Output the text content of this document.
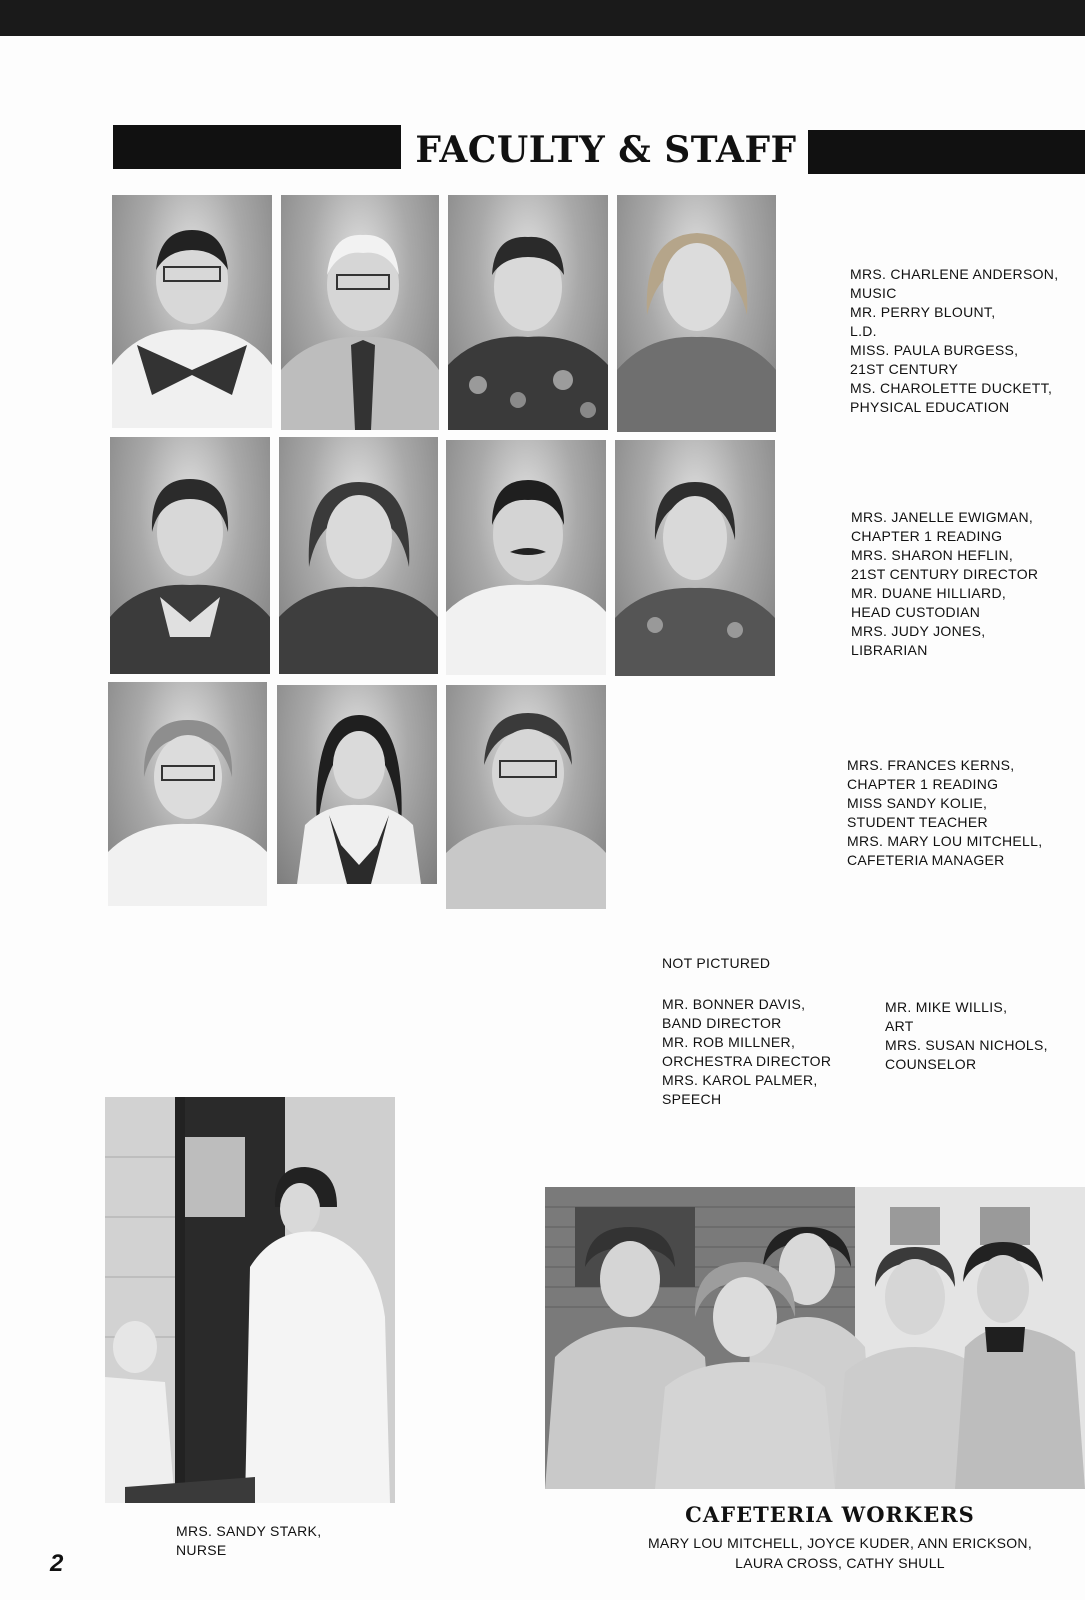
FACULTY & STAFF
MRS. CHARLENE ANDERSON,
MUSIC
MR. PERRY BLOUNT,
L.D.
MISS. PAULA BURGESS,
21ST CENTURY
MS. CHAROLETTE DUCKETT,
PHYSICAL EDUCATION
MRS. JANELLE EWIGMAN,
CHAPTER 1 READING
MRS. SHARON HEFLIN,
21ST CENTURY DIRECTOR
MR. DUANE HILLIARD,
HEAD CUSTODIAN
MRS. JUDY JONES,
LIBRARIAN
MRS. FRANCES KERNS,
CHAPTER 1 READING
MISS SANDY KOLIE,
STUDENT TEACHER
MRS. MARY LOU MITCHELL,
CAFETERIA MANAGER
NOT PICTURED
MR. BONNER DAVIS,
BAND DIRECTOR
MR. ROB MILLNER,
ORCHESTRA DIRECTOR
MRS. KAROL PALMER,
SPEECH
MR. MIKE WILLIS,
ART
MRS. SUSAN NICHOLS,
COUNSELOR
MRS. SANDY STARK,
NURSE
CAFETERIA WORKERS
MARY LOU MITCHELL, JOYCE KUDER, ANN ERICKSON,
LAURA CROSS, CATHY SHULL
2
